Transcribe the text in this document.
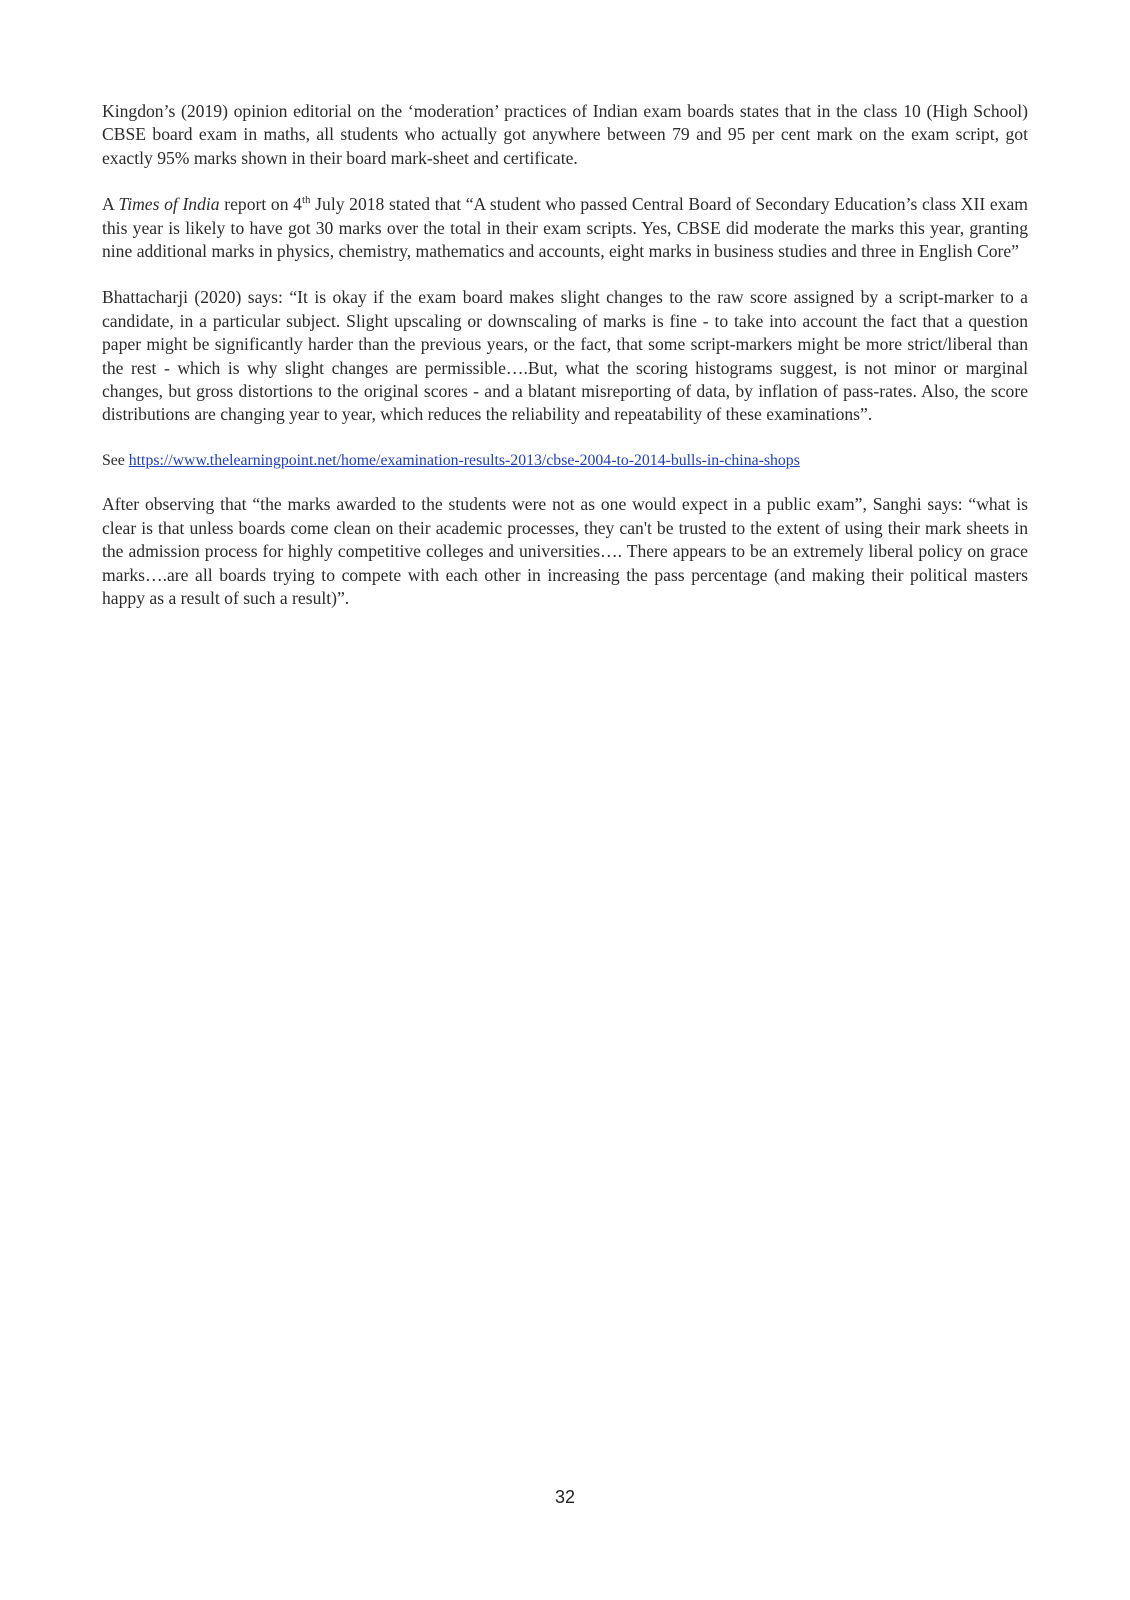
Kingdon’s (2019) opinion editorial on the ‘moderation’ practices of Indian exam boards states that in the class 10 (High School) CBSE board exam in maths, all students who actually got anywhere between 79 and 95 per cent mark on the exam script, got exactly 95% marks shown in their board mark-sheet and certificate.

A Times of India report on 4th July 2018 stated that “A student who passed Central Board of Secondary Education’s class XII exam this year is likely to have got 30 marks over the total in their exam scripts. Yes, CBSE did moderate the marks this year, granting nine additional marks in physics, chemistry, mathematics and accounts, eight marks in business studies and three in English Core”

Bhattacharji (2020) says: “It is okay if the exam board makes slight changes to the raw score assigned by a script-marker to a candidate, in a particular subject. Slight upscaling or downscaling of marks is fine - to take into account the fact that a question paper might be significantly harder than the previous years, or the fact, that some script-markers might be more strict/liberal than the rest - which is why slight changes are permissible….But, what the scoring histograms suggest, is not minor or marginal changes, but gross distortions to the original scores - and a blatant misreporting of data, by inflation of pass-rates. Also, the score distributions are changing year to year, which reduces the reliability and repeatability of these examinations”.

See https://www.thelearningpoint.net/home/examination-results-2013/cbse-2004-to-2014-bulls-in-china-shops

After observing that “the marks awarded to the students were not as one would expect in a public exam”, Sanghi says: “what is clear is that unless boards come clean on their academic processes, they can't be trusted to the extent of using their mark sheets in the admission process for highly competitive colleges and universities…. There appears to be an extremely liberal policy on grace marks….are all boards trying to compete with each other in increasing the pass percentage (and making their political masters happy as a result of such a result)”.

32
